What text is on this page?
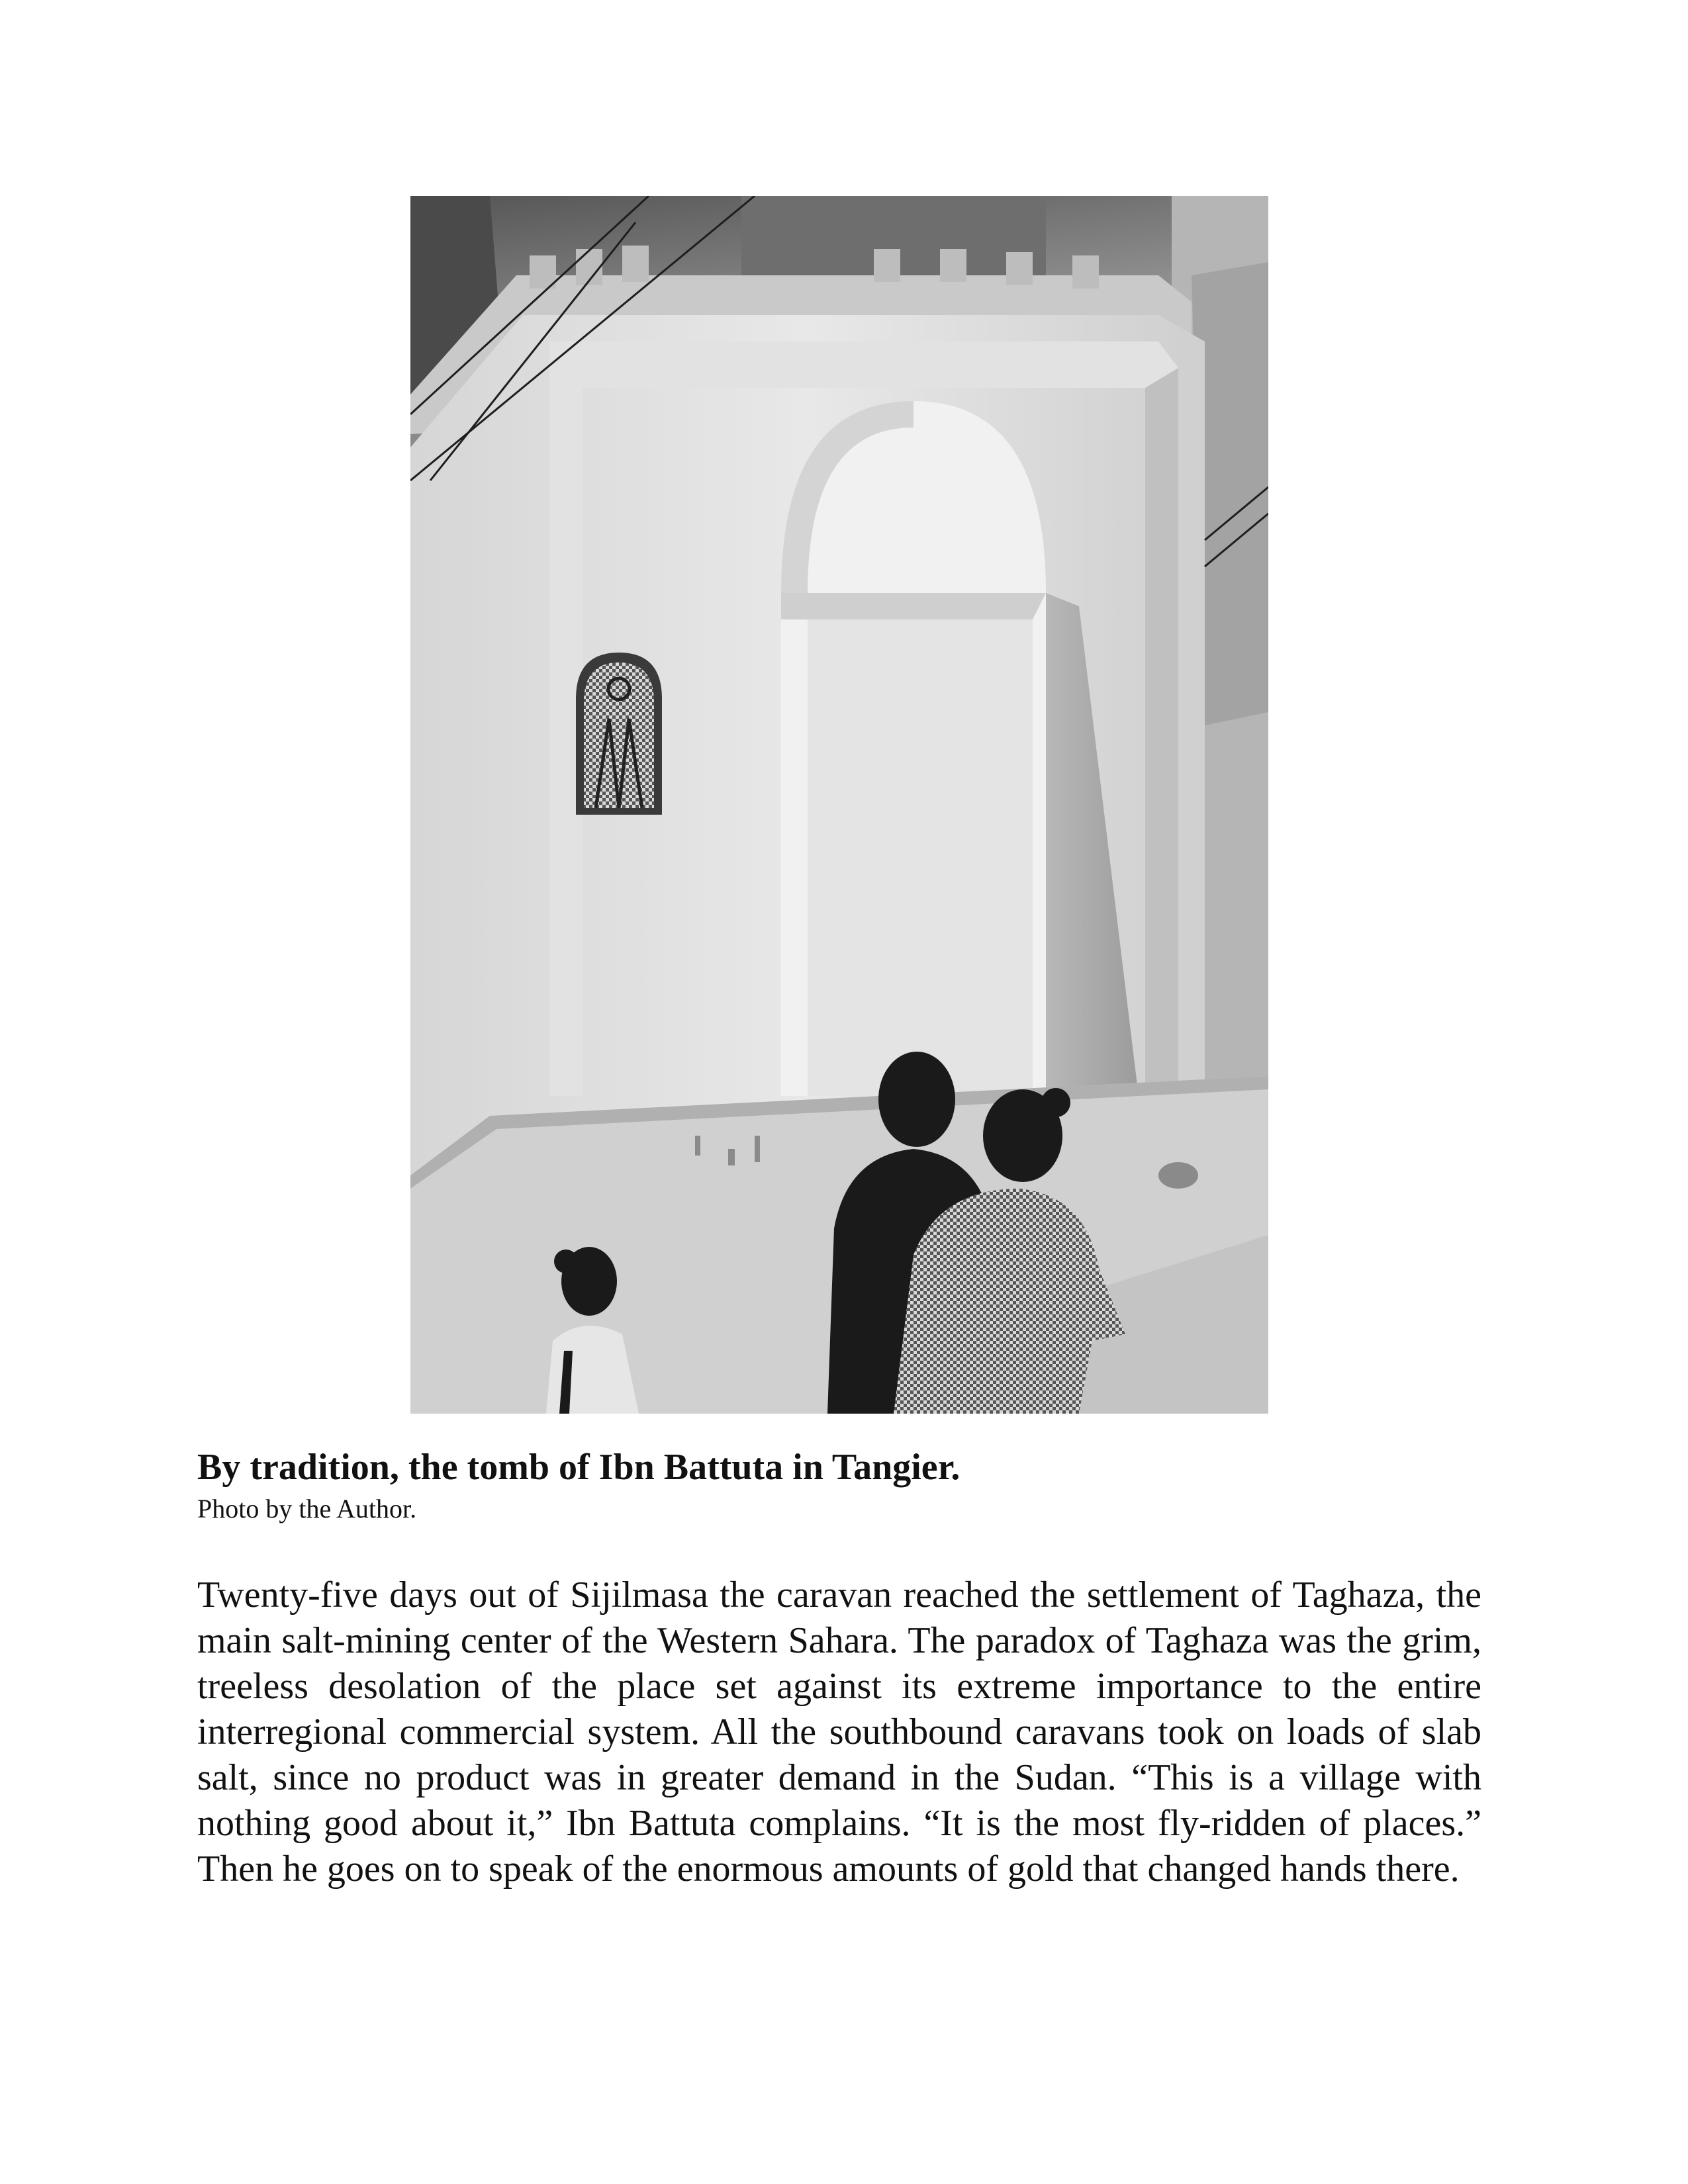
By tradition, the tomb of Ibn Battuta in Tangier.
Photo by the Author.
Twenty-five days out of Sijilmasa the caravan reached the settlement of Taghaza, the main salt-mining center of the Western Sahara. The paradox of Taghaza was the grim, treeless desolation of the place set against its extreme importance to the entire interregional commercial system. All the southbound caravans took on loads of slab salt, since no product was in greater demand in the Sudan. “This is a village with nothing good about it,” Ibn Battuta complains. “It is the most fly-ridden of places.” Then he goes on to speak of the enormous amounts of gold that changed hands there.
